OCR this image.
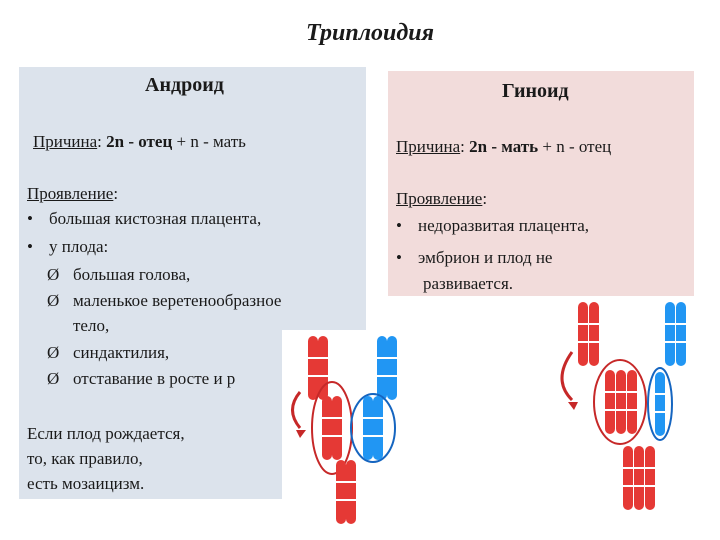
Триплоидия
Андроид
Причина: 2n - отец + n - мать
Проявление:
• большая кистозная плацента,
• у плода:
Ø большая голова,
Ø маленькое веретенообразное
тело,
Ø синдактилия,
Ø отставание в росте и р
Если плод рождается,
то, как правило,
есть мозаицизм.
Гиноид
Причина: 2n - мать + n - отец
Проявление:
• недоразвитая плацента,
• эмбрион и плод не
развивается.
